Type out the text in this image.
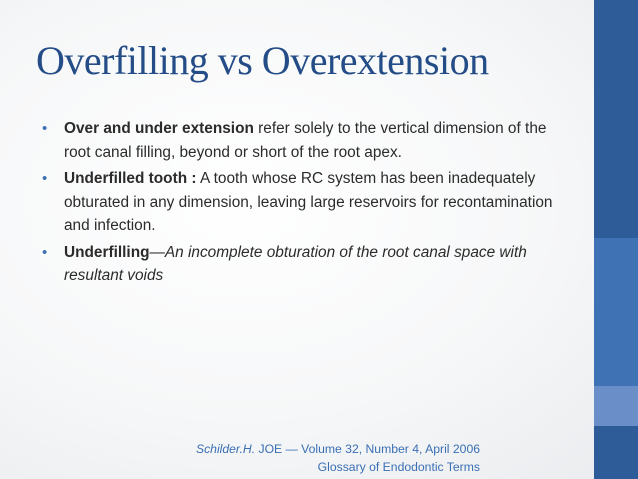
Overfilling vs Overextension
• Over and under extension refer solely to the vertical dimension of the root canal filling, beyond or short of the root apex.
• Underfilled tooth : A tooth whose RC system has been inadequately obturated in any dimension, leaving large reservoirs for recontamination and infection.
• Underfilling—An incomplete obturation of the root canal space with resultant voids
Schilder.H. JOE — Volume 32, Number 4, April 2006
Glossary of Endodontic Terms
